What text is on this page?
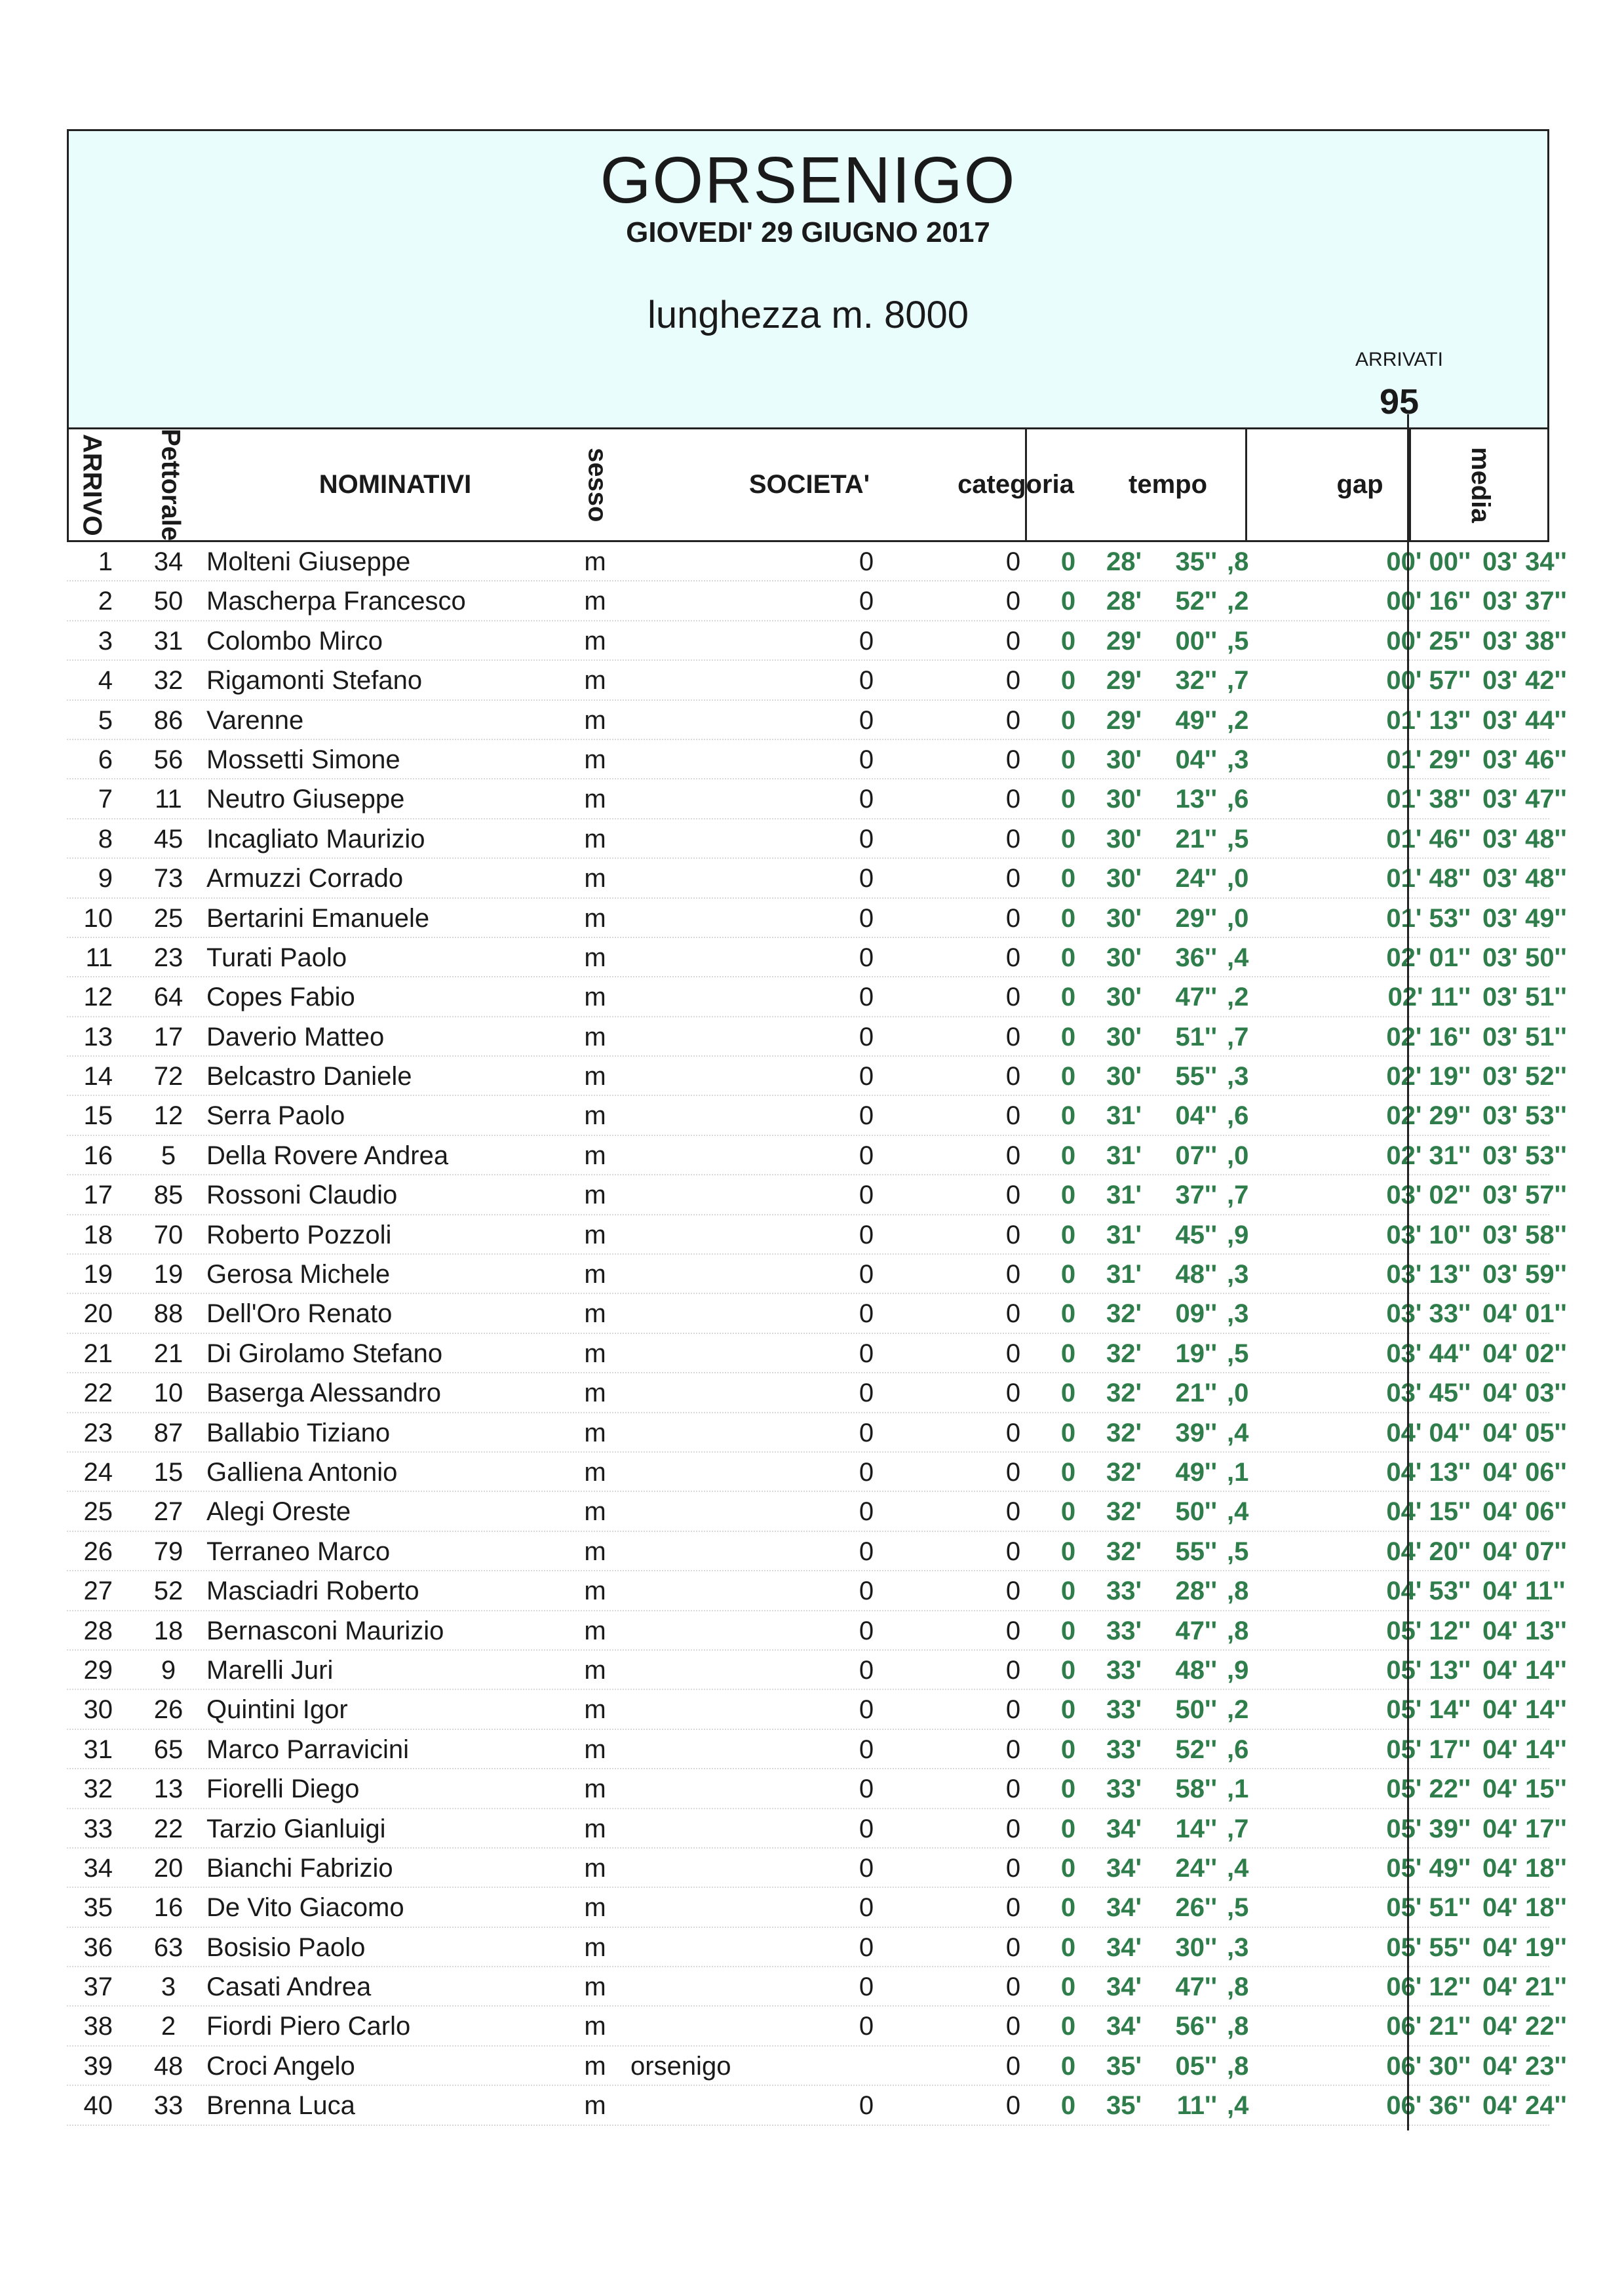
GORSENIGO
GIOVEDI' 29 GIUGNO 2017
lunghezza m. 8000
ARRIVATI
95
ARRIVO Pettorale	NOMINATIVI	sesso	SOCIETA'	categoria	tempo	gap	media
1	34 Molteni Giuseppe	m	0	0 0	28'	35'' ,8	00' 00'' 03' 34''
2	50 Mascherpa Francesco	m	0	0 0	28'	52'' ,2	00' 16'' 03' 37''
3	31 Colombo Mirco	m	0	0 0	29'	00'' ,5	00' 25'' 03' 38''
4	32 Rigamonti Stefano	m	0	0 0	29'	32'' ,7	00' 57'' 03' 42''
5	86 Varenne	m	0	0 0	29'	49'' ,2	01' 13'' 03' 44''
6	56 Mossetti Simone	m	0	0 0	30'	04'' ,3	01' 29'' 03' 46''
7	11 Neutro Giuseppe	m	0	0 0	30'	13'' ,6	01' 38'' 03' 47''
8	45 Incagliato Maurizio	m	0	0 0	30'	21'' ,5	01' 46'' 03' 48''
9	73 Armuzzi Corrado	m	0	0 0	30'	24'' ,0	01' 48'' 03' 48''
10	25 Bertarini Emanuele	m	0	0 0	30'	29'' ,0	01' 53'' 03' 49''
11	23 Turati Paolo	m	0	0 0	30'	36'' ,4	02' 01'' 03' 50''
12	64 Copes Fabio	m	0	0 0	30'	47'' ,2	02' 11'' 03' 51''
13	17 Daverio Matteo	m	0	0 0	30'	51'' ,7	02' 16'' 03' 51''
14	72 Belcastro Daniele	m	0	0 0	30'	55'' ,3	02' 19'' 03' 52''
15	12 Serra Paolo	m	0	0 0	31'	04'' ,6	02' 29'' 03' 53''
16	5	Della Rovere Andrea	m	0	0 0	31'	07'' ,0	02' 31'' 03' 53''
17	85 Rossoni Claudio	m	0	0 0	31'	37'' ,7	03' 02'' 03' 57''
18	70 Roberto Pozzoli	m	0	0 0	31'	45'' ,9	03' 10'' 03' 58''
19	19 Gerosa Michele	m	0	0 0	31'	48'' ,3	03' 13'' 03' 59''
20	88 Dell'Oro Renato	m	0	0 0	32'	09'' ,3	03' 33'' 04' 01''
21	21 Di Girolamo Stefano	m	0	0 0	32'	19'' ,5	03' 44'' 04' 02''
22	10 Baserga Alessandro	m	0	0 0	32'	21'' ,0	03' 45'' 04' 03''
23	87 Ballabio Tiziano	m	0	0 0	32'	39'' ,4	04' 04'' 04' 05''
24	15 Galliena Antonio	m	0	0 0	32'	49'' ,1	04' 13'' 04' 06''
25	27 Alegi Oreste	m	0	0 0	32'	50'' ,4	04' 15'' 04' 06''
26	79 Terraneo Marco	m	0	0 0	32'	55'' ,5	04' 20'' 04' 07''
27	52 Masciadri Roberto	m	0	0 0	33'	28'' ,8	04' 53'' 04' 11''
28	18 Bernasconi Maurizio	m	0	0 0	33'	47'' ,8	05' 12'' 04' 13''
29	9	Marelli Juri	m	0	0 0	33'	48'' ,9	05' 13'' 04' 14''
30	26 Quintini Igor	m	0	0 0	33'	50'' ,2	05' 14'' 04' 14''
31	65 Marco Parravicini	m	0	0 0	33'	52'' ,6	05' 17'' 04' 14''
32	13 Fiorelli Diego	m	0	0 0	33'	58'' ,1	05' 22'' 04' 15''
33	22 Tarzio Gianluigi	m	0	0 0	34'	14'' ,7	05' 39'' 04' 17''
34	20 Bianchi Fabrizio	m	0	0 0	34'	24'' ,4	05' 49'' 04' 18''
35	16 De Vito Giacomo	m	0	0 0	34'	26'' ,5	05' 51'' 04' 18''
36	63 Bosisio Paolo	m	0	0 0	34'	30'' ,3	05' 55'' 04' 19''
37	3	Casati Andrea	m	0	0 0	34'	47'' ,8	06' 12'' 04' 21''
38	2	Fiordi Piero Carlo	m	0	0 0	34'	56'' ,8	06' 21'' 04' 22''
39	48 Croci Angelo	m orsenigo	0 0	35'	05'' ,8	06' 30'' 04' 23''
40	33 Brenna Luca	m	0	0 0	35'	11'' ,4	06' 36'' 04' 24''
